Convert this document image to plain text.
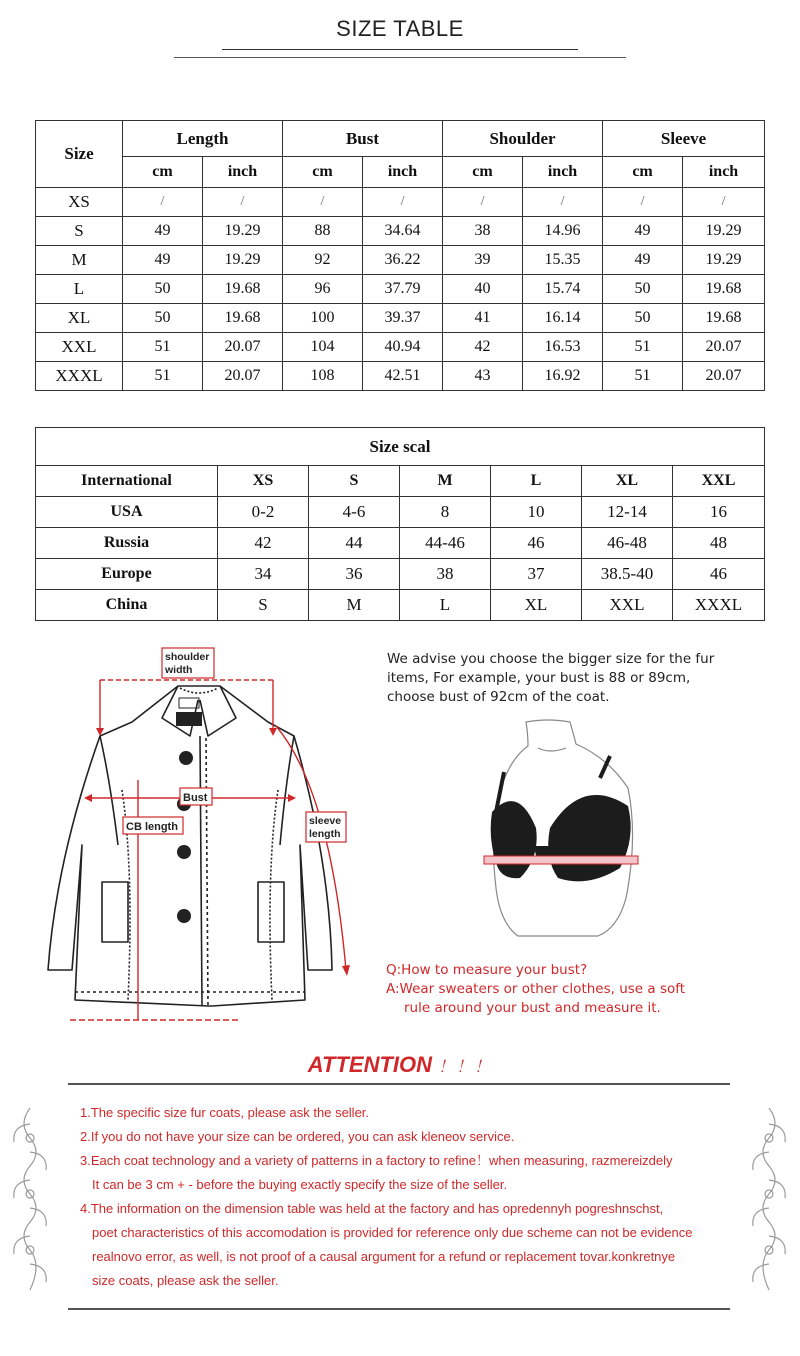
SIZE TABLE
Size	Length		Bust		Shoulder		Sleeve	
	cm	inch	cm	inch	cm	inch	cm	inch
XS	/	/	/	/	/	/	/	/
S	49	19.29	88	34.64	38	14.96	49	19.29
M	49	19.29	92	36.22	39	15.35	49	19.29
L	50	19.68	96	37.79	40	15.74	50	19.68
XL	50	19.68	100	39.37	41	16.14	50	19.68
XXL	51	20.07	104	40.94	42	16.53	51	20.07
XXXL	51	20.07	108	42.51	43	16.92	51	20.07
Size scal						
International	XS	S	M	L	XL	XXL
USA	0-2	4-6	8	10	12-14	16
Russia	42	44	44-46	46	46-48	48
Europe	34	36	38	37	38.5-40	46
China	S	M	L	XL	XXL	XXXL
shoulder
width
Bust
CB length	sleeve
length
We advise you choose the bigger size for the fur
items, For example, your bust is 88 or 89cm,
choose bust of 92cm of the coat.
Q:How to measure your bust?
A:Wear sweaters or other clothes, use a soft
rule around your bust and measure it.
ATTENTION ！！！
1.The specific size fur coats, please ask the seller.
2.If you do not have your size can be ordered, you can ask kleneov service.
3.Each coat technology and a variety of patterns in a factory to refine！when measuring, razmereizdely
It can be 3 cm + - before the buying exactly specify the size of the seller.
4.The information on the dimension table was held at the factory and has opredennyh pogreshnschst,
poet characteristics of this accomodation is provided for reference only due scheme can not be evidence
realnovo error, as well, is not proof of a causal argument for a refund or replacement tovar.konkretnye
size coats, please ask the seller.
